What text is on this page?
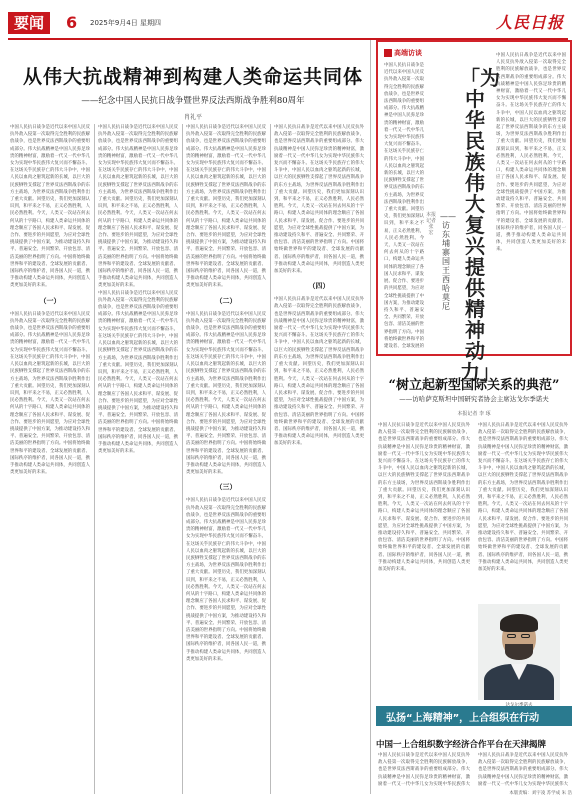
要闻	6 2025年9月4日 星期四	人民日报
从伟大抗战精神到构建人类命运共同体
——纪念中国人民抗日战争暨世界反法西斯战争胜利80周年
肖礼平
中国人民抗日战争是近代以来中国人民反抗外敌入侵第一次取得完全胜利的民族解放战争，也是世界反法西斯战争的重要组成部分。伟大抗战精神是中国人民弥足珍贵的精神财富，激励着一代又一代中华儿女为实现中华民族伟大复兴而不懈奋斗。在这场关乎民族存亡的伟大斗争中，中国人民以血肉之躯筑起新的长城，以巨大的民族牺牲支撑起了世界反法西斯战争的东方主战场，为世界反法西斯战争胜利作出了重大贡献。回望历史，我们更加深刻认识到，和平来之不易，正义必然胜利，人民必然胜利。今天，人类又一次站在何去何从的十字路口，构建人类命运共同体的理念顺应了各国人民求和平、谋发展、促合作、要进步的共同愿望，为应对全球性挑战提供了中国方案，为推动建设持久和平、普遍安全、共同繁荣、开放包容、清洁美丽的世界指明了方向。中国将始终做世界和平的建设者、全球发展的贡献者、国际秩序的维护者，同各国人民一道，携手推动构建人类命运共同体，共同创造人类更加美好的未来。
（一）
中国人民抗日战争是近代以来中国人民反抗外敌入侵第一次取得完全胜利的民族解放战争，也是世界反法西斯战争的重要组成部分。伟大抗战精神是中国人民弥足珍贵的精神财富，激励着一代又一代中华儿女为实现中华民族伟大复兴而不懈奋斗。在这场关乎民族存亡的伟大斗争中，中国人民以血肉之躯筑起新的长城，以巨大的民族牺牲支撑起了世界反法西斯战争的东方主战场，为世界反法西斯战争胜利作出了重大贡献。回望历史，我们更加深刻认识到，和平来之不易，正义必然胜利，人民必然胜利。今天，人类又一次站在何去何从的十字路口，构建人类命运共同体的理念顺应了各国人民求和平、谋发展、促合作、要进步的共同愿望，为应对全球性挑战提供了中国方案，为推动建设持久和平、普遍安全、共同繁荣、开放包容、清洁美丽的世界指明了方向。中国将始终做世界和平的建设者、全球发展的贡献者、国际秩序的维护者，同各国人民一道，携手推动构建人类命运共同体，共同创造人类更加美好的未来。
中国人民抗日战争是近代以来中国人民反抗外敌入侵第一次取得完全胜利的民族解放战争，也是世界反法西斯战争的重要组成部分。伟大抗战精神是中国人民弥足珍贵的精神财富，激励着一代又一代中华儿女为实现中华民族伟大复兴而不懈奋斗。在这场关乎民族存亡的伟大斗争中，中国人民以血肉之躯筑起新的长城，以巨大的民族牺牲支撑起了世界反法西斯战争的东方主战场，为世界反法西斯战争胜利作出了重大贡献。回望历史，我们更加深刻认识到，和平来之不易，正义必然胜利，人民必然胜利。今天，人类又一次站在何去何从的十字路口，构建人类命运共同体的理念顺应了各国人民求和平、谋发展、促合作、要进步的共同愿望，为应对全球性挑战提供了中国方案，为推动建设持久和平、普遍安全、共同繁荣、开放包容、清洁美丽的世界指明了方向。中国将始终做世界和平的建设者、全球发展的贡献者、国际秩序的维护者，同各国人民一道，携手推动构建人类命运共同体，共同创造人类更加美好的未来。
中国人民抗日战争是近代以来中国人民反抗外敌入侵第一次取得完全胜利的民族解放战争，也是世界反法西斯战争的重要组成部分。伟大抗战精神是中国人民弥足珍贵的精神财富，激励着一代又一代中华儿女为实现中华民族伟大复兴而不懈奋斗。在这场关乎民族存亡的伟大斗争中，中国人民以血肉之躯筑起新的长城，以巨大的民族牺牲支撑起了世界反法西斯战争的东方主战场，为世界反法西斯战争胜利作出了重大贡献。回望历史，我们更加深刻认识到，和平来之不易，正义必然胜利，人民必然胜利。今天，人类又一次站在何去何从的十字路口，构建人类命运共同体的理念顺应了各国人民求和平、谋发展、促合作、要进步的共同愿望，为应对全球性挑战提供了中国方案，为推动建设持久和平、普遍安全、共同繁荣、开放包容、清洁美丽的世界指明了方向。中国将始终做世界和平的建设者、全球发展的贡献者、国际秩序的维护者，同各国人民一道，携手推动构建人类命运共同体，共同创造人类更加美好的未来。
中国人民抗日战争是近代以来中国人民反抗外敌入侵第一次取得完全胜利的民族解放战争，也是世界反法西斯战争的重要组成部分。伟大抗战精神是中国人民弥足珍贵的精神财富，激励着一代又一代中华儿女为实现中华民族伟大复兴而不懈奋斗。在这场关乎民族存亡的伟大斗争中，中国人民以血肉之躯筑起新的长城，以巨大的民族牺牲支撑起了世界反法西斯战争的东方主战场，为世界反法西斯战争胜利作出了重大贡献。回望历史，我们更加深刻认识到，和平来之不易，正义必然胜利，人民必然胜利。今天，人类又一次站在何去何从的十字路口，构建人类命运共同体的理念顺应了各国人民求和平、谋发展、促合作、要进步的共同愿望，为应对全球性挑战提供了中国方案，为推动建设持久和平、普遍安全、共同繁荣、开放包容、清洁美丽的世界指明了方向。中国将始终做世界和平的建设者、全球发展的贡献者、国际秩序的维护者，同各国人民一道，携手推动构建人类命运共同体，共同创造人类更加美好的未来。
（二）
中国人民抗日战争是近代以来中国人民反抗外敌入侵第一次取得完全胜利的民族解放战争，也是世界反法西斯战争的重要组成部分。伟大抗战精神是中国人民弥足珍贵的精神财富，激励着一代又一代中华儿女为实现中华民族伟大复兴而不懈奋斗。在这场关乎民族存亡的伟大斗争中，中国人民以血肉之躯筑起新的长城，以巨大的民族牺牲支撑起了世界反法西斯战争的东方主战场，为世界反法西斯战争胜利作出了重大贡献。回望历史，我们更加深刻认识到，和平来之不易，正义必然胜利，人民必然胜利。今天，人类又一次站在何去何从的十字路口，构建人类命运共同体的理念顺应了各国人民求和平、谋发展、促合作、要进步的共同愿望，为应对全球性挑战提供了中国方案，为推动建设持久和平、普遍安全、共同繁荣、开放包容、清洁美丽的世界指明了方向。中国将始终做世界和平的建设者、全球发展的贡献者、国际秩序的维护者，同各国人民一道，携手推动构建人类命运共同体，共同创造人类更加美好的未来。
（三）
中国人民抗日战争是近代以来中国人民反抗外敌入侵第一次取得完全胜利的民族解放战争，也是世界反法西斯战争的重要组成部分。伟大抗战精神是中国人民弥足珍贵的精神财富，激励着一代又一代中华儿女为实现中华民族伟大复兴而不懈奋斗。在这场关乎民族存亡的伟大斗争中，中国人民以血肉之躯筑起新的长城，以巨大的民族牺牲支撑起了世界反法西斯战争的东方主战场，为世界反法西斯战争胜利作出了重大贡献。回望历史，我们更加深刻认识到，和平来之不易，正义必然胜利，人民必然胜利。今天，人类又一次站在何去何从的十字路口，构建人类命运共同体的理念顺应了各国人民求和平、谋发展、促合作、要进步的共同愿望，为应对全球性挑战提供了中国方案，为推动建设持久和平、普遍安全、共同繁荣、开放包容、清洁美丽的世界指明了方向。中国将始终做世界和平的建设者、全球发展的贡献者、国际秩序的维护者，同各国人民一道，携手推动构建人类命运共同体，共同创造人类更加美好的未来。
中国人民抗日战争是近代以来中国人民反抗外敌入侵第一次取得完全胜利的民族解放战争，也是世界反法西斯战争的重要组成部分。伟大抗战精神是中国人民弥足珍贵的精神财富，激励着一代又一代中华儿女为实现中华民族伟大复兴而不懈奋斗。在这场关乎民族存亡的伟大斗争中，中国人民以血肉之躯筑起新的长城，以巨大的民族牺牲支撑起了世界反法西斯战争的东方主战场，为世界反法西斯战争胜利作出了重大贡献。回望历史，我们更加深刻认识到，和平来之不易，正义必然胜利，人民必然胜利。今天，人类又一次站在何去何从的十字路口，构建人类命运共同体的理念顺应了各国人民求和平、谋发展、促合作、要进步的共同愿望，为应对全球性挑战提供了中国方案，为推动建设持久和平、普遍安全、共同繁荣、开放包容、清洁美丽的世界指明了方向。中国将始终做世界和平的建设者、全球发展的贡献者、国际秩序的维护者，同各国人民一道，携手推动构建人类命运共同体，共同创造人类更加美好的未来。
（四）
中国人民抗日战争是近代以来中国人民反抗外敌入侵第一次取得完全胜利的民族解放战争，也是世界反法西斯战争的重要组成部分。伟大抗战精神是中国人民弥足珍贵的精神财富，激励着一代又一代中华儿女为实现中华民族伟大复兴而不懈奋斗。在这场关乎民族存亡的伟大斗争中，中国人民以血肉之躯筑起新的长城，以巨大的民族牺牲支撑起了世界反法西斯战争的东方主战场，为世界反法西斯战争胜利作出了重大贡献。回望历史，我们更加深刻认识到，和平来之不易，正义必然胜利，人民必然胜利。今天，人类又一次站在何去何从的十字路口，构建人类命运共同体的理念顺应了各国人民求和平、谋发展、促合作、要进步的共同愿望，为应对全球性挑战提供了中国方案，为推动建设持久和平、普遍安全、共同繁荣、开放包容、清洁美丽的世界指明了方向。中国将始终做世界和平的建设者、全球发展的贡献者、国际秩序的维护者，同各国人民一道，携手推动构建人类命运共同体，共同创造人类更加美好的未来。
高端访谈
中国人民抗日战争是近代以来中国人民反抗外敌入侵第一次取得完全胜利的民族解放战争，也是世界反法西斯战争的重要组成部分。伟大抗战精神是中国人民弥足珍贵的精神财富，激励着一代又一代中华儿女为实现中华民族伟大复兴而不懈奋斗。在这场关乎民族存亡的伟大斗争中，中国人民以血肉之躯筑起新的长城，以巨大的民族牺牲支撑起了世界反法西斯战争的东方主战场，为世界反法西斯战争胜利作出了重大贡献。回望历史，我们更加深刻认识到，和平来之不易，正义必然胜利，人民必然胜利。今天，人类又一次站在何去何从的十字路口，构建人类命运共同体的理念顺应了各国人民求和平、谋发展、促合作、要进步的共同愿望，为应对全球性挑战提供了中国方案，为推动建设持久和平、普遍安全、共同繁荣、开放包容、清洁美丽的世界指明了方向。中国将始终做世界和平的建设者、全球发展的
「为中华民族伟大复兴提供精神动力」
——访东埔寨国王西哈莫尼
本报记者 张 宏
中国人民抗日战争是近代以来中国人民反抗外敌入侵第一次取得完全胜利的民族解放战争，也是世界反法西斯战争的重要组成部分。伟大抗战精神是中国人民弥足珍贵的精神财富，激励着一代又一代中华儿女为实现中华民族伟大复兴而不懈奋斗。在这场关乎民族存亡的伟大斗争中，中国人民以血肉之躯筑起新的长城，以巨大的民族牺牲支撑起了世界反法西斯战争的东方主战场，为世界反法西斯战争胜利作出了重大贡献。回望历史，我们更加深刻认识到，和平来之不易，正义必然胜利，人民必然胜利。今天，人类又一次站在何去何从的十字路口，构建人类命运共同体的理念顺应了各国人民求和平、谋发展、促合作、要进步的共同愿望，为应对全球性挑战提供了中国方案，为推动建设持久和平、普遍安全、共同繁荣、开放包容、清洁美丽的世界指明了方向。中国将始终做世界和平的建设者、全球发展的贡献者、国际秩序的维护者，同各国人民一道，携手推动构建人类命运共同体，共同创造人类更加美好的未来。
“树立起新型国际关系的典范”
——访哈萨克斯坦中国研究者协会主席达戈尔季诺夫
本报记者 李 琢
中国人民抗日战争是近代以来中国人民反抗外敌入侵第一次取得完全胜利的民族解放战争，也是世界反法西斯战争的重要组成部分。伟大抗战精神是中国人民弥足珍贵的精神财富，激励着一代又一代中华儿女为实现中华民族伟大复兴而不懈奋斗。在这场关乎民族存亡的伟大斗争中，中国人民以血肉之躯筑起新的长城，以巨大的民族牺牲支撑起了世界反法西斯战争的东方主战场，为世界反法西斯战争胜利作出了重大贡献。回望历史，我们更加深刻认识到，和平来之不易，正义必然胜利，人民必然胜利。今天，人类又一次站在何去何从的十字路口，构建人类命运共同体的理念顺应了各国人民求和平、谋发展、促合作、要进步的共同愿望，为应对全球性挑战提供了中国方案，为推动建设持久和平、普遍安全、共同繁荣、开放包容、清洁美丽的世界指明了方向。中国将始终做世界和平的建设者、全球发展的贡献者、国际秩序的维护者，同各国人民一道，携手推动构建人类命运共同体，共同创造人类更加美好的未来。
中国人民抗日战争是近代以来中国人民反抗外敌入侵第一次取得完全胜利的民族解放战争，也是世界反法西斯战争的重要组成部分。伟大抗战精神是中国人民弥足珍贵的精神财富，激励着一代又一代中华儿女为实现中华民族伟大复兴而不懈奋斗。在这场关乎民族存亡的伟大斗争中，中国人民以血肉之躯筑起新的长城，以巨大的民族牺牲支撑起了世界反法西斯战争的东方主战场，为世界反法西斯战争胜利作出了重大贡献。回望历史，我们更加深刻认识到，和平来之不易，正义必然胜利，人民必然胜利。今天，人类又一次站在何去何从的十字路口，构建人类命运共同体的理念顺应了各国人民求和平、谋发展、促合作、要进步的共同愿望，为应对全球性挑战提供了中国方案，为推动建设持久和平、普遍安全、共同繁荣、开放包容、清洁美丽的世界指明了方向。中国将始终做世界和平的建设者、全球发展的贡献者、国际秩序的维护者，同各国人民一道，携手推动构建人类命运共同体，共同创造人类更加美好的未来。
弘扬“上海精神”，上合组织在行动
中国一上合组织数字经济合作平台在天津揭牌
中国人民抗日战争是近代以来中国人民反抗外敌入侵第一次取得完全胜利的民族解放战争，也是世界反法西斯战争的重要组成部分。伟大抗战精神是中国人民弥足珍贵的精神财富，激励着一代又一代中华儿女为实现中华民族伟大
中国人民抗日战争是近代以来中国人民反抗外敌入侵第一次取得完全胜利的民族解放战争，也是世界反法西斯战争的重要组成部分。伟大抗战精神是中国人民弥足珍贵的精神财富，激励着一代又一代中华儿女为实现中华民族伟大
本版责编：刘宇凌 苏学成 朱 浩
